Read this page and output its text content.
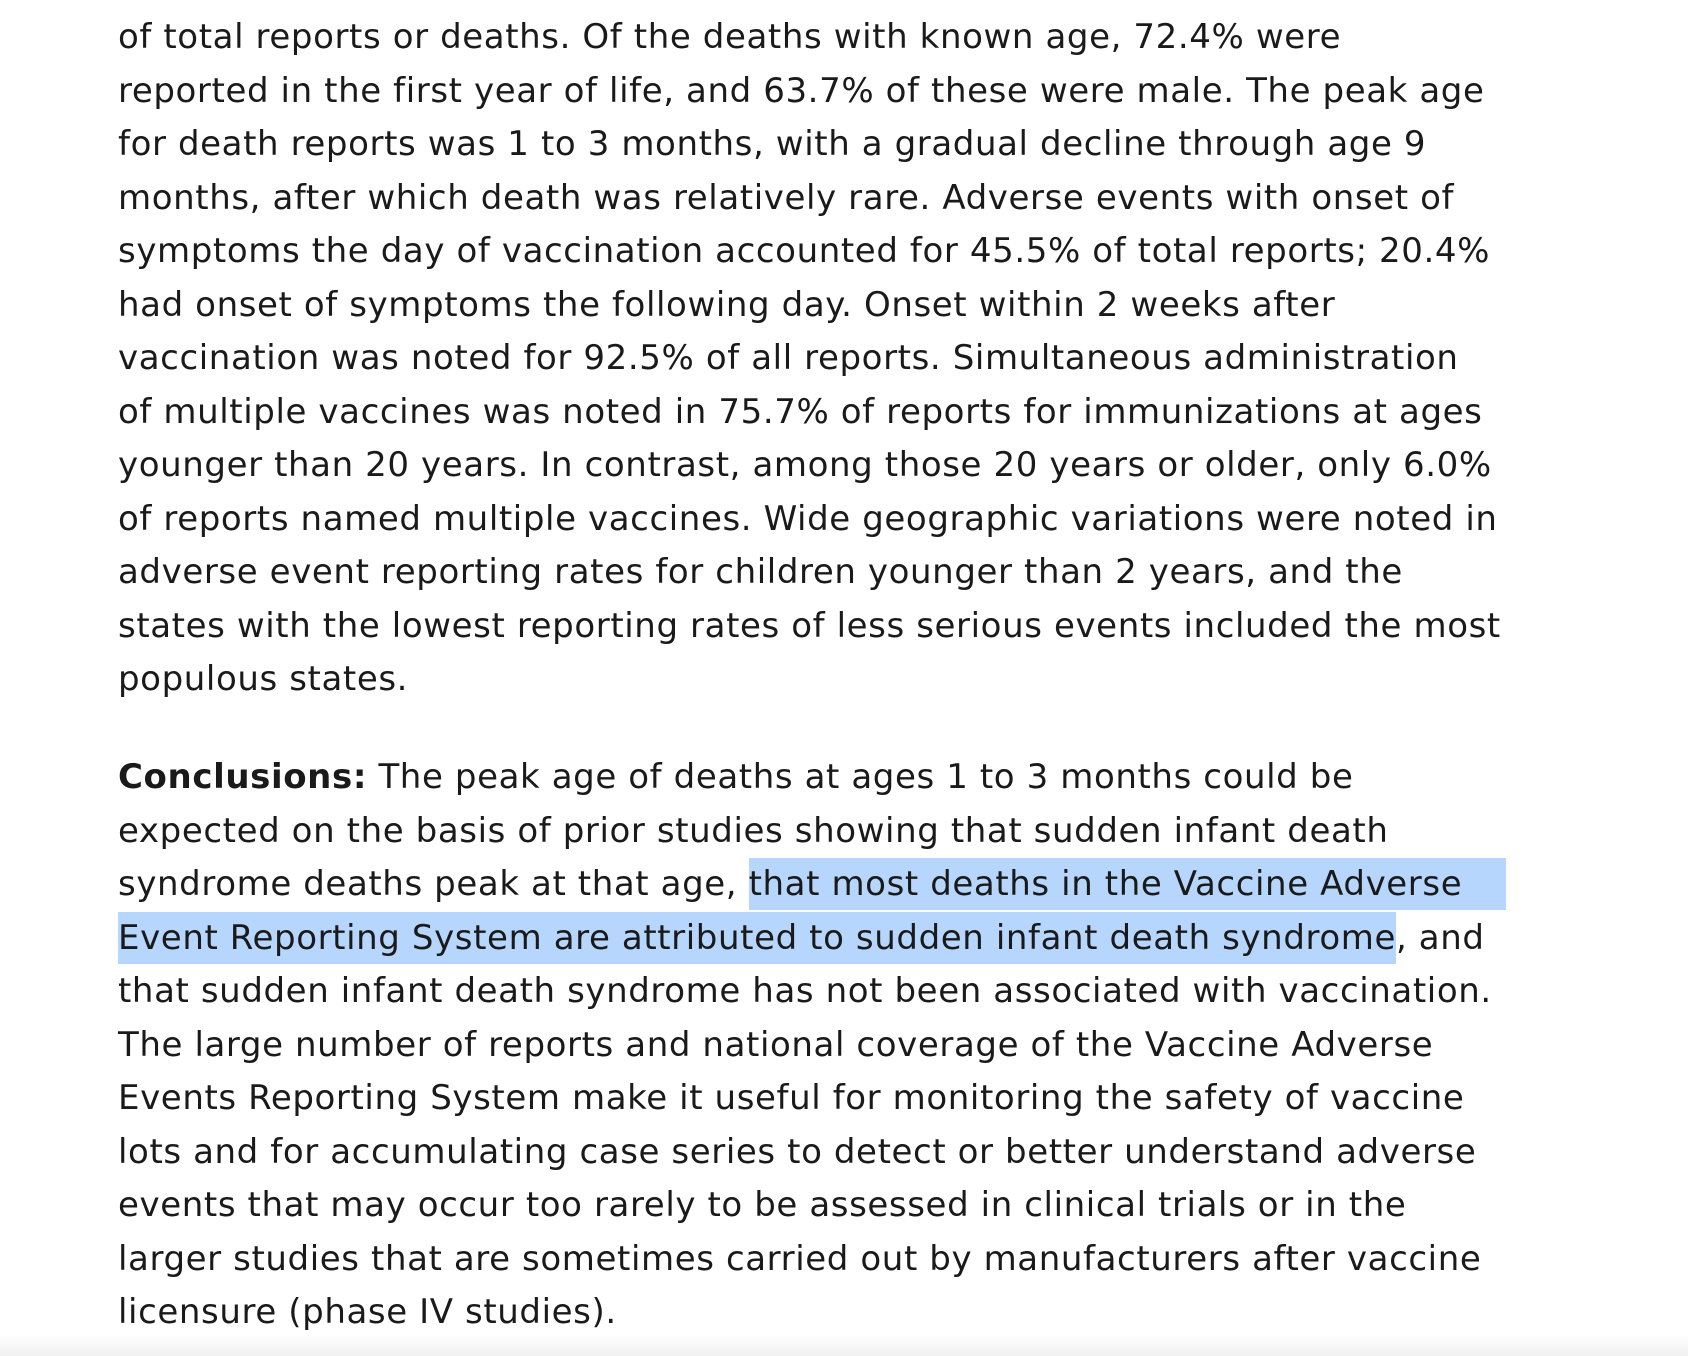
of total reports or deaths. Of the deaths with known age, 72.4% were
reported in the first year of life, and 63.7% of these were male. The peak age
for death reports was 1 to 3 months, with a gradual decline through age 9
months, after which death was relatively rare. Adverse events with onset of
symptoms the day of vaccination accounted for 45.5% of total reports; 20.4%
had onset of symptoms the following day. Onset within 2 weeks after
vaccination was noted for 92.5% of all reports. Simultaneous administration
of multiple vaccines was noted in 75.7% of reports for immunizations at ages
younger than 20 years. In contrast, among those 20 years or older, only 6.0%
of reports named multiple vaccines. Wide geographic variations were noted in
adverse event reporting rates for children younger than 2 years, and the
states with the lowest reporting rates of less serious events included the most
populous states.
Conclusions: The peak age of deaths at ages 1 to 3 months could be
expected on the basis of prior studies showing that sudden infant death
syndrome deaths peak at that age, that most deaths in the Vaccine Adverse
Event Reporting System are attributed to sudden infant death syndrome, and
that sudden infant death syndrome has not been associated with vaccination.
The large number of reports and national coverage of the Vaccine Adverse
Events Reporting System make it useful for monitoring the safety of vaccine
lots and for accumulating case series to detect or better understand adverse
events that may occur too rarely to be assessed in clinical trials or in the
larger studies that are sometimes carried out by manufacturers after vaccine
licensure (phase IV studies).
